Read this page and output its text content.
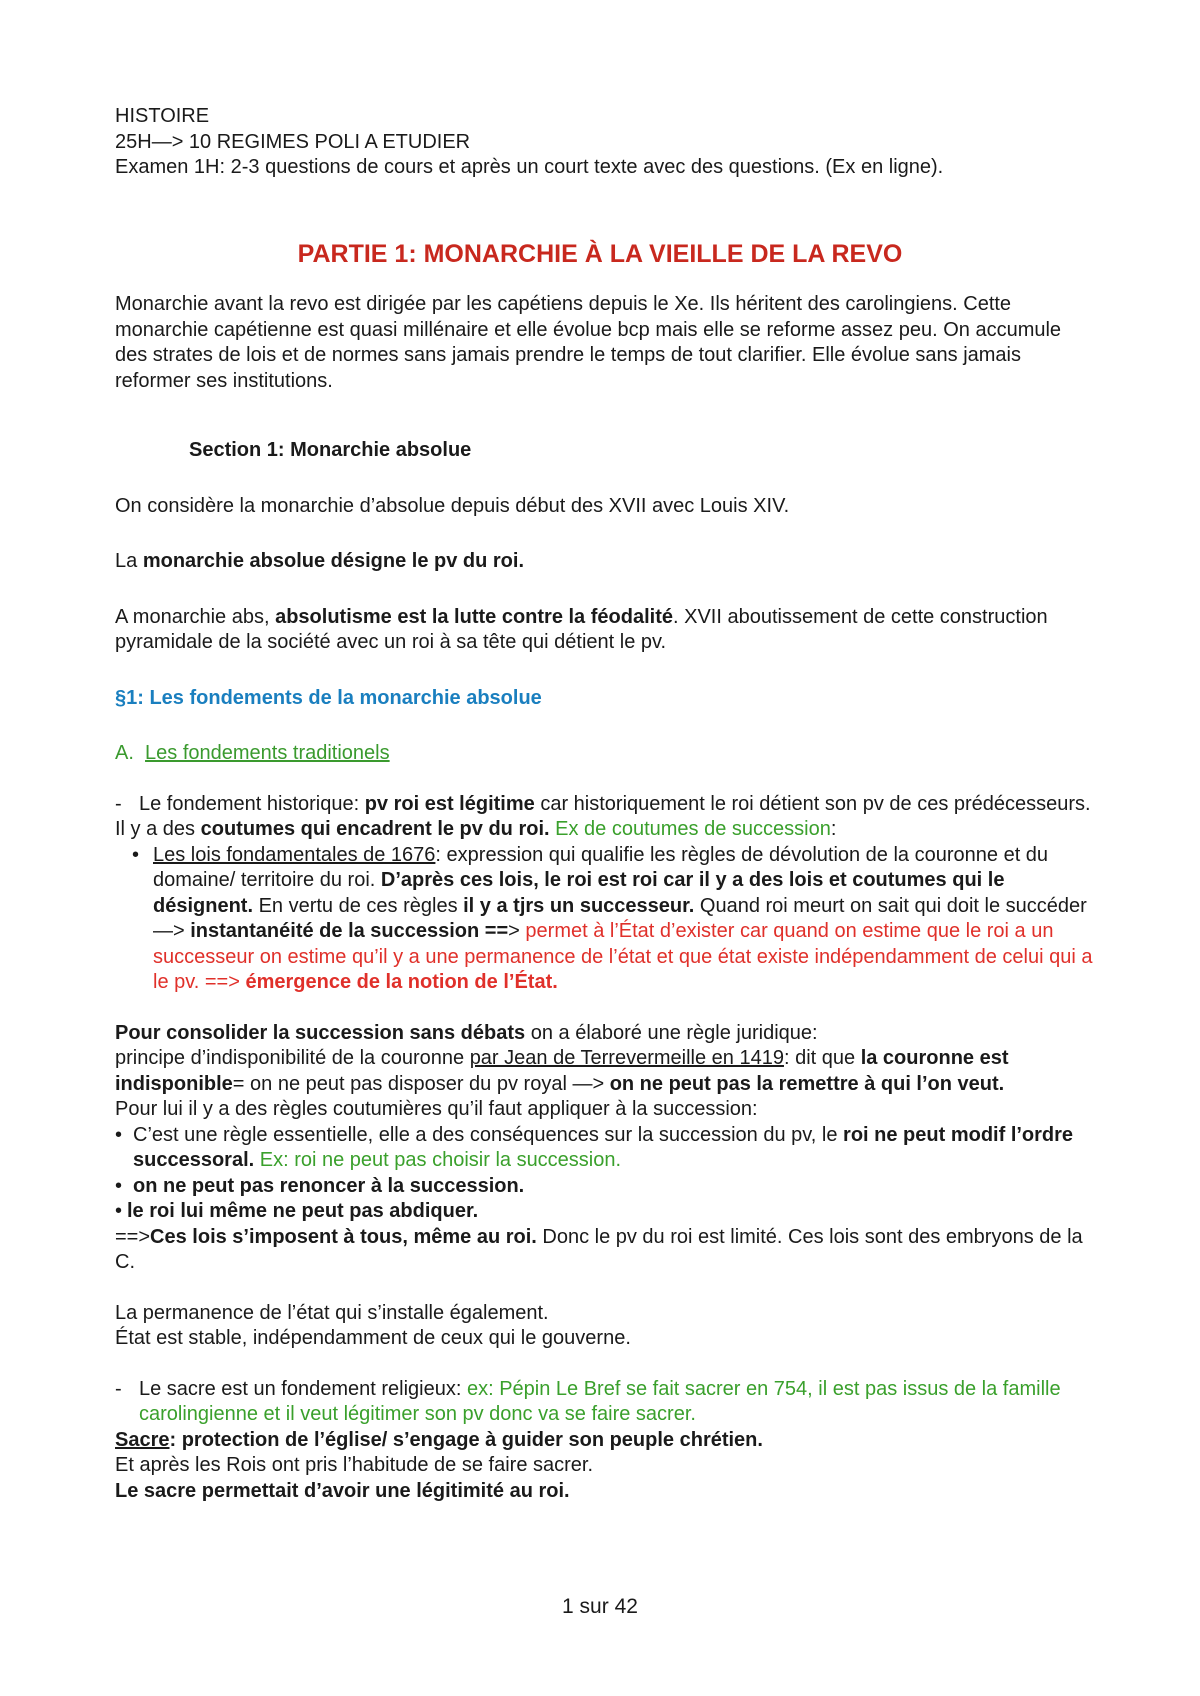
HISTOIRE
25H—> 10 REGIMES POLI A ETUDIER
Examen 1H: 2-3 questions de cours et après un court texte avec des questions. (Ex en ligne).
PARTIE 1: MONARCHIE À LA VIEILLE DE LA REVO
Monarchie avant la revo est dirigée par les capétiens depuis le Xe. Ils héritent des carolingiens. Cette monarchie capétienne est quasi millénaire et elle évolue bcp mais elle se reforme assez peu. On accumule des strates de lois et de normes sans jamais prendre le temps de tout clarifier. Elle évolue sans jamais reformer ses institutions.
Section 1: Monarchie absolue
On considère la monarchie d’absolue depuis début des XVII avec Louis XIV.
La monarchie absolue désigne le pv du roi.
A monarchie abs, absolutisme est la lutte contre la féodalité. XVII aboutissement de cette construction pyramidale de la société avec un roi à sa tête qui détient le pv.
§1: Les fondements de la monarchie absolue
A. Les fondements traditionels
- Le fondement historique: pv roi est légitime car historiquement le roi détient son pv de ces prédécesseurs.
Il y a des coutumes qui encadrent le pv du roi. Ex de coutumes de succession:
• Les lois fondamentales de 1676: expression qui qualifie les règles de dévolution de la couronne et du domaine/ territoire du roi. D’après ces lois, le roi est roi car il y a des lois et coutumes qui le désignent. En vertu de ces règles il y a tjrs un successeur. Quand roi meurt on sait qui doit le succéder —> instantanéité de la succession ==> permet à l’État d’exister car quand on estime que le roi a un successeur on estime qu’il y a une permanence de l’état et que état existe indépendamment de celui qui a le pv. ==> émergence de la notion de l’État.
Pour consolider la succession sans débats on a élaboré une règle juridique:
principe d’indisponibilité de la couronne par Jean de Terrevermeille en 1419: dit que la couronne est indisponible= on ne peut pas disposer du pv royal —> on ne peut pas la remettre à qui l’on veut.
Pour lui il y a des règles coutumières qu’il faut appliquer à la succession:
• C’est une règle essentielle, elle a des conséquences sur la succession du pv, le roi ne peut modif l’ordre successoral. Ex: roi ne peut pas choisir la succession.
• on ne peut pas renoncer à la succession.
• le roi lui même ne peut pas abdiquer.
==>Ces lois s’imposent à tous, même au roi. Donc le pv du roi est limité. Ces lois sont des embryons de la C.
La permanence de l’état qui s’installe également.
État est stable, indépendamment de ceux qui le gouverne.
- Le sacre est un fondement religieux: ex: Pépin Le Bref se fait sacrer en 754, il est pas issus de la famille carolingienne et il veut légitimer son pv donc va se faire sacrer.
Sacre: protection de l’église/ s’engage à guider son peuple chrétien.
Et après les Rois ont pris l’habitude de se faire sacrer.
Le sacre permettait d’avoir une légitimité au roi.
1 sur 42
